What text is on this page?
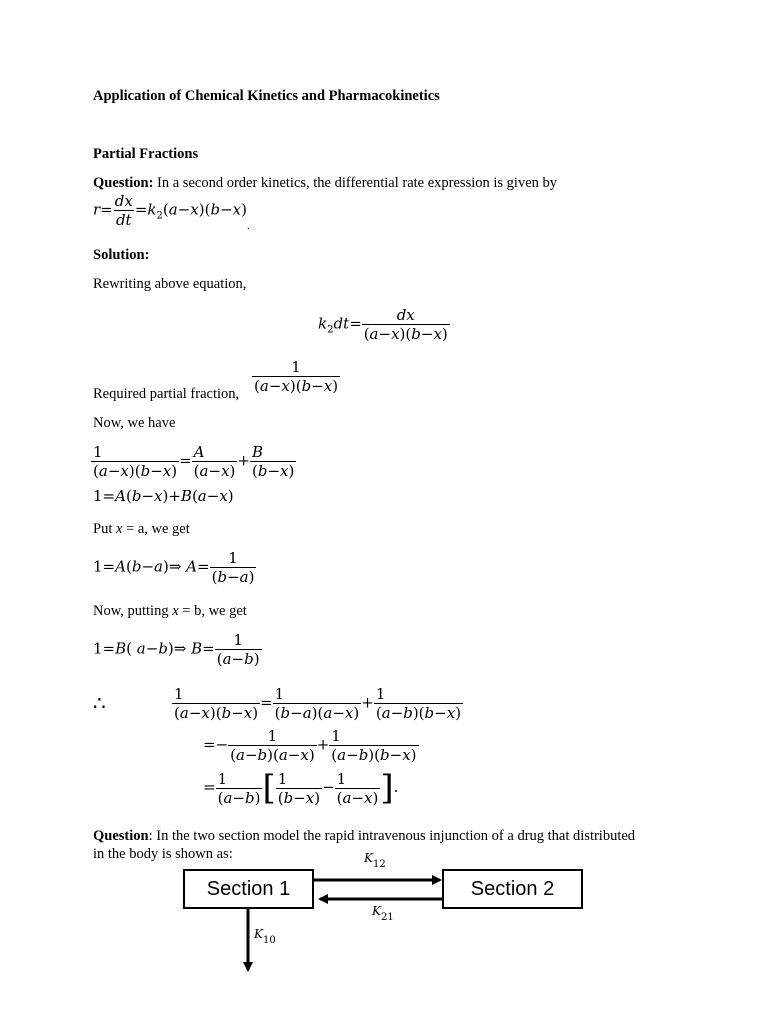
Application of Chemical Kinetics and Pharmacokinetics
Partial Fractions
Question: In a second order kinetics, the differential rate expression is given by
$r= \frac{dx}{dt} =k_2(a-x)(b-x)$
.
Solution:
Rewriting above equation,
$k_2dt= \frac{dx}{(a-x)(b-x)}$
Required partial fraction, $\frac{1}{(a-x)(b-x)}$
Now, we have
$\frac{1}{(a-x)(b-x)} = \frac{A}{(a-x)} + \frac{B}{(b-x)}$
1=A(b−x)+B(a−x)
Put x = a, we get
1=A(b−a)⇒ $A= \frac{1}{(b-a)}$
Now, putting x = b, we get
1=B( a−b)⇒ $B= \frac{1}{(a-b)}$
∴	$\frac{1}{(a-x)(b-x)} = \frac{1}{(b-a)(a-x)} + \frac{1}{(a-b)(b-x)}$
=− $\frac{1}{(a-b)(a-x)} + \frac{1}{(a-b)(b-x)}$
= $\frac{1}{(a-b)}$ [ $\frac{1}{(b-x)} - \frac{1}{(a-x)}$ ].
Question: In the two section model the rapid intravenous injunction of a drug that distributed
in the body is shown as:
Section 1	Section 2
$K_{12}$
$K_{21}$
$K_{10}$
